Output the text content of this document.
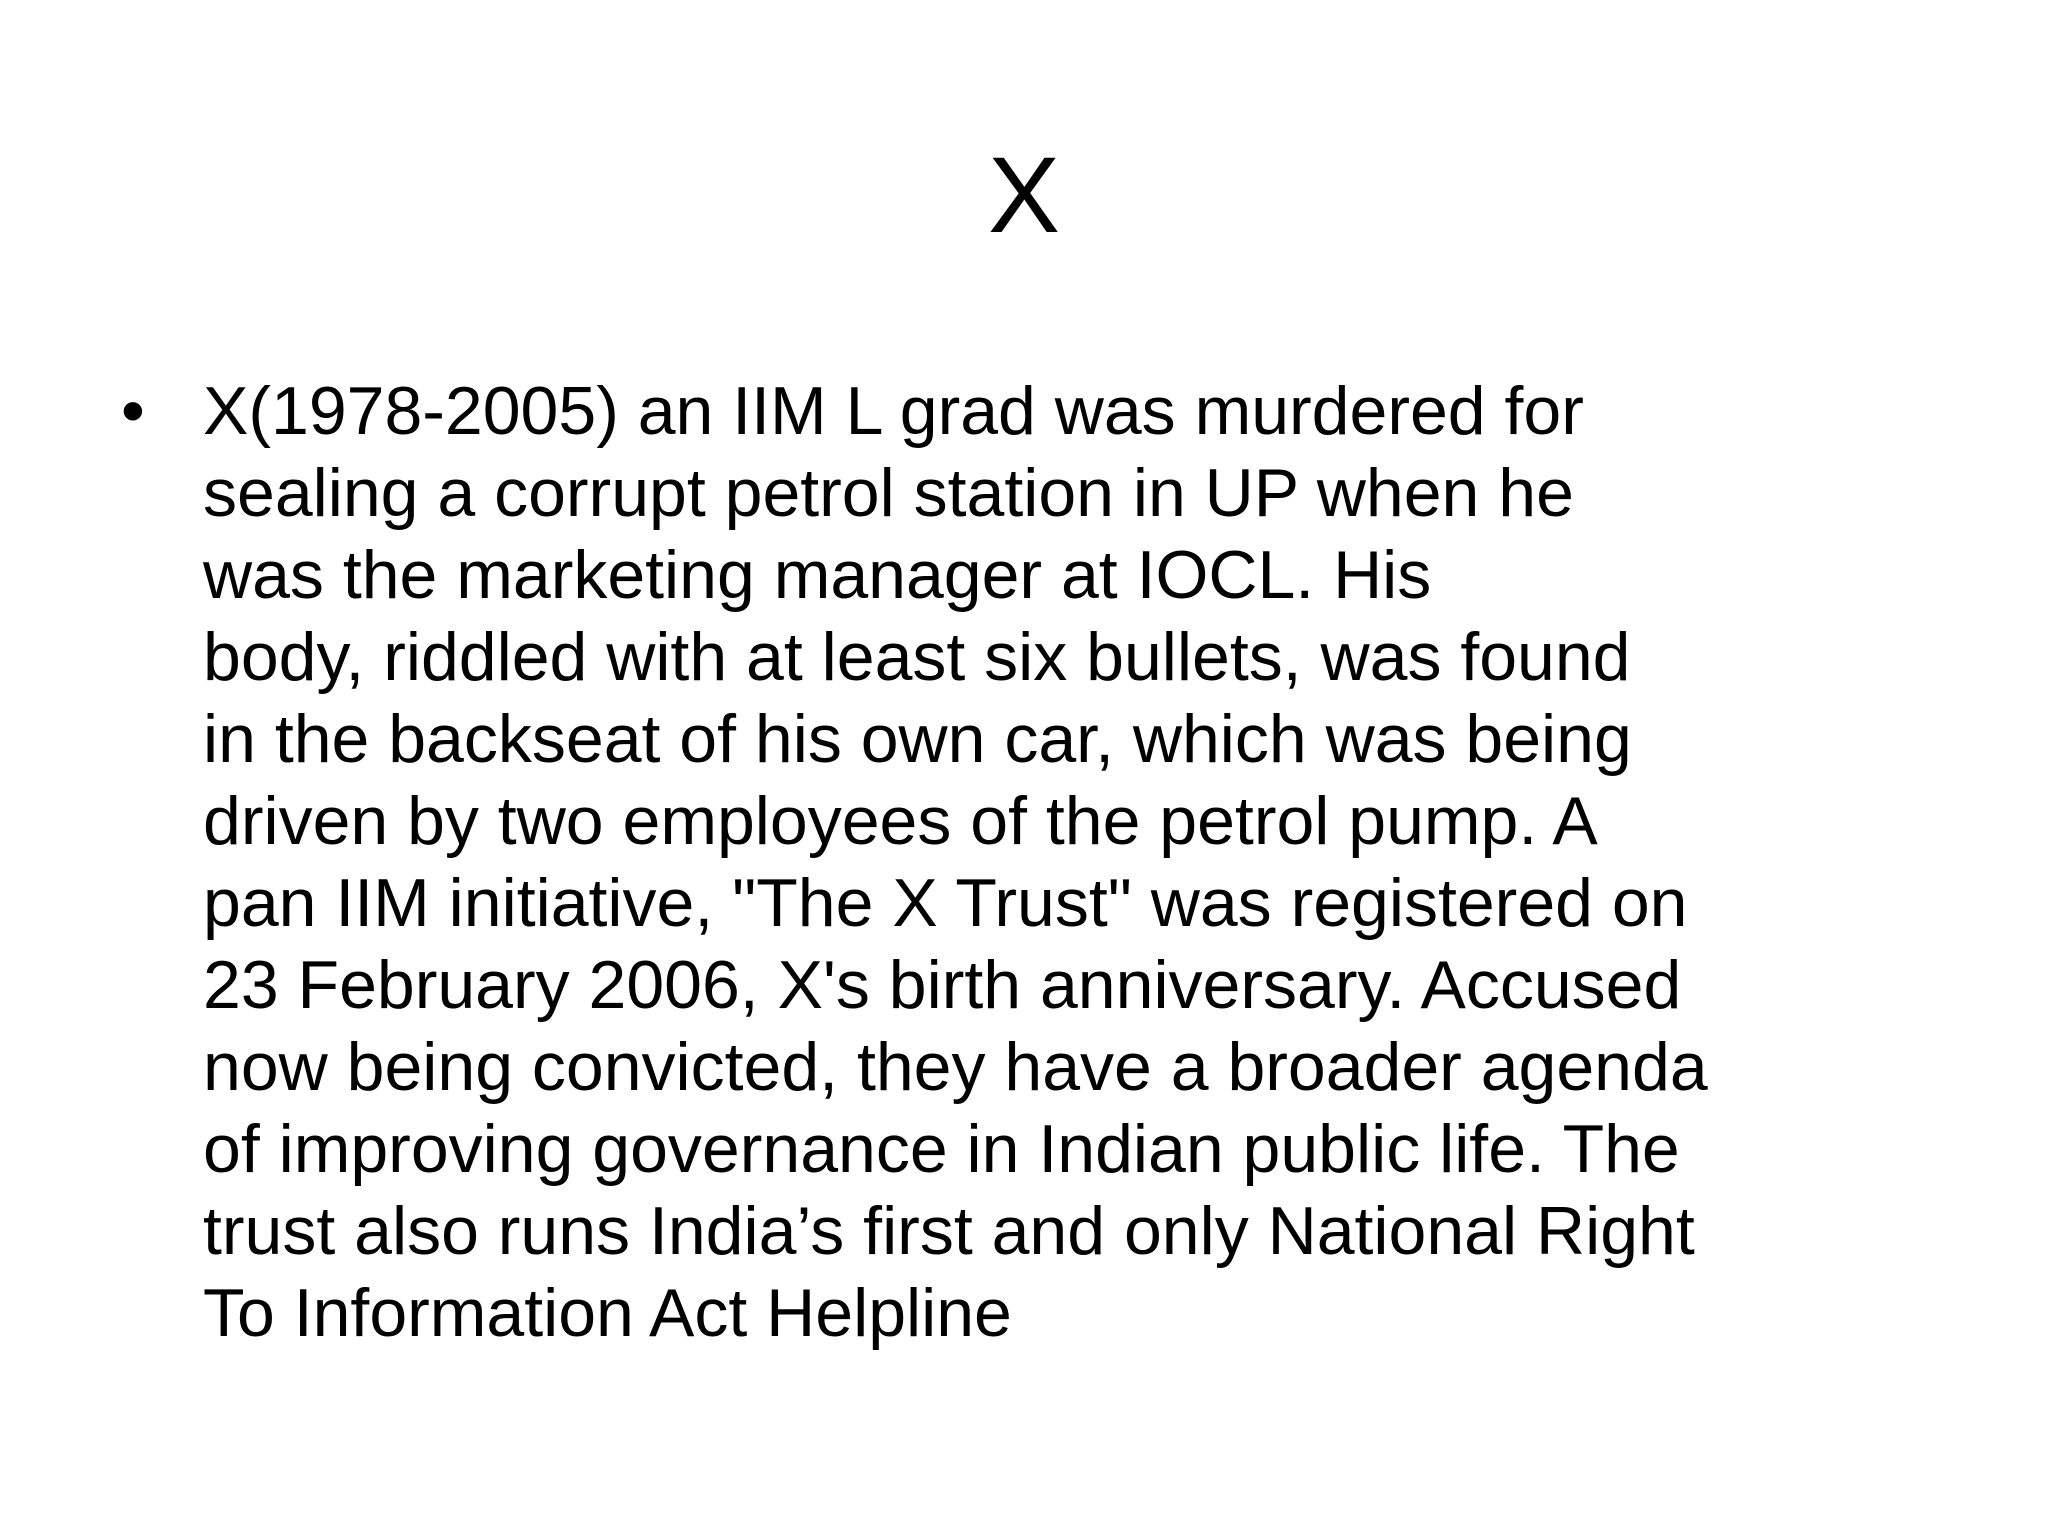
X
• X(1978-2005) an IIM L grad was murdered for
sealing a corrupt petrol station in UP when he
was the marketing manager at IOCL. His
body, riddled with at least six bullets, was found
in the backseat of his own car, which was being
driven by two employees of the petrol pump. A
pan IIM initiative, "The X Trust" was registered on
23 February 2006, X's birth anniversary. Accused
now being convicted, they have a broader agenda
of improving governance in Indian public life. The
trust also runs India’s first and only National Right
To Information Act Helpline
